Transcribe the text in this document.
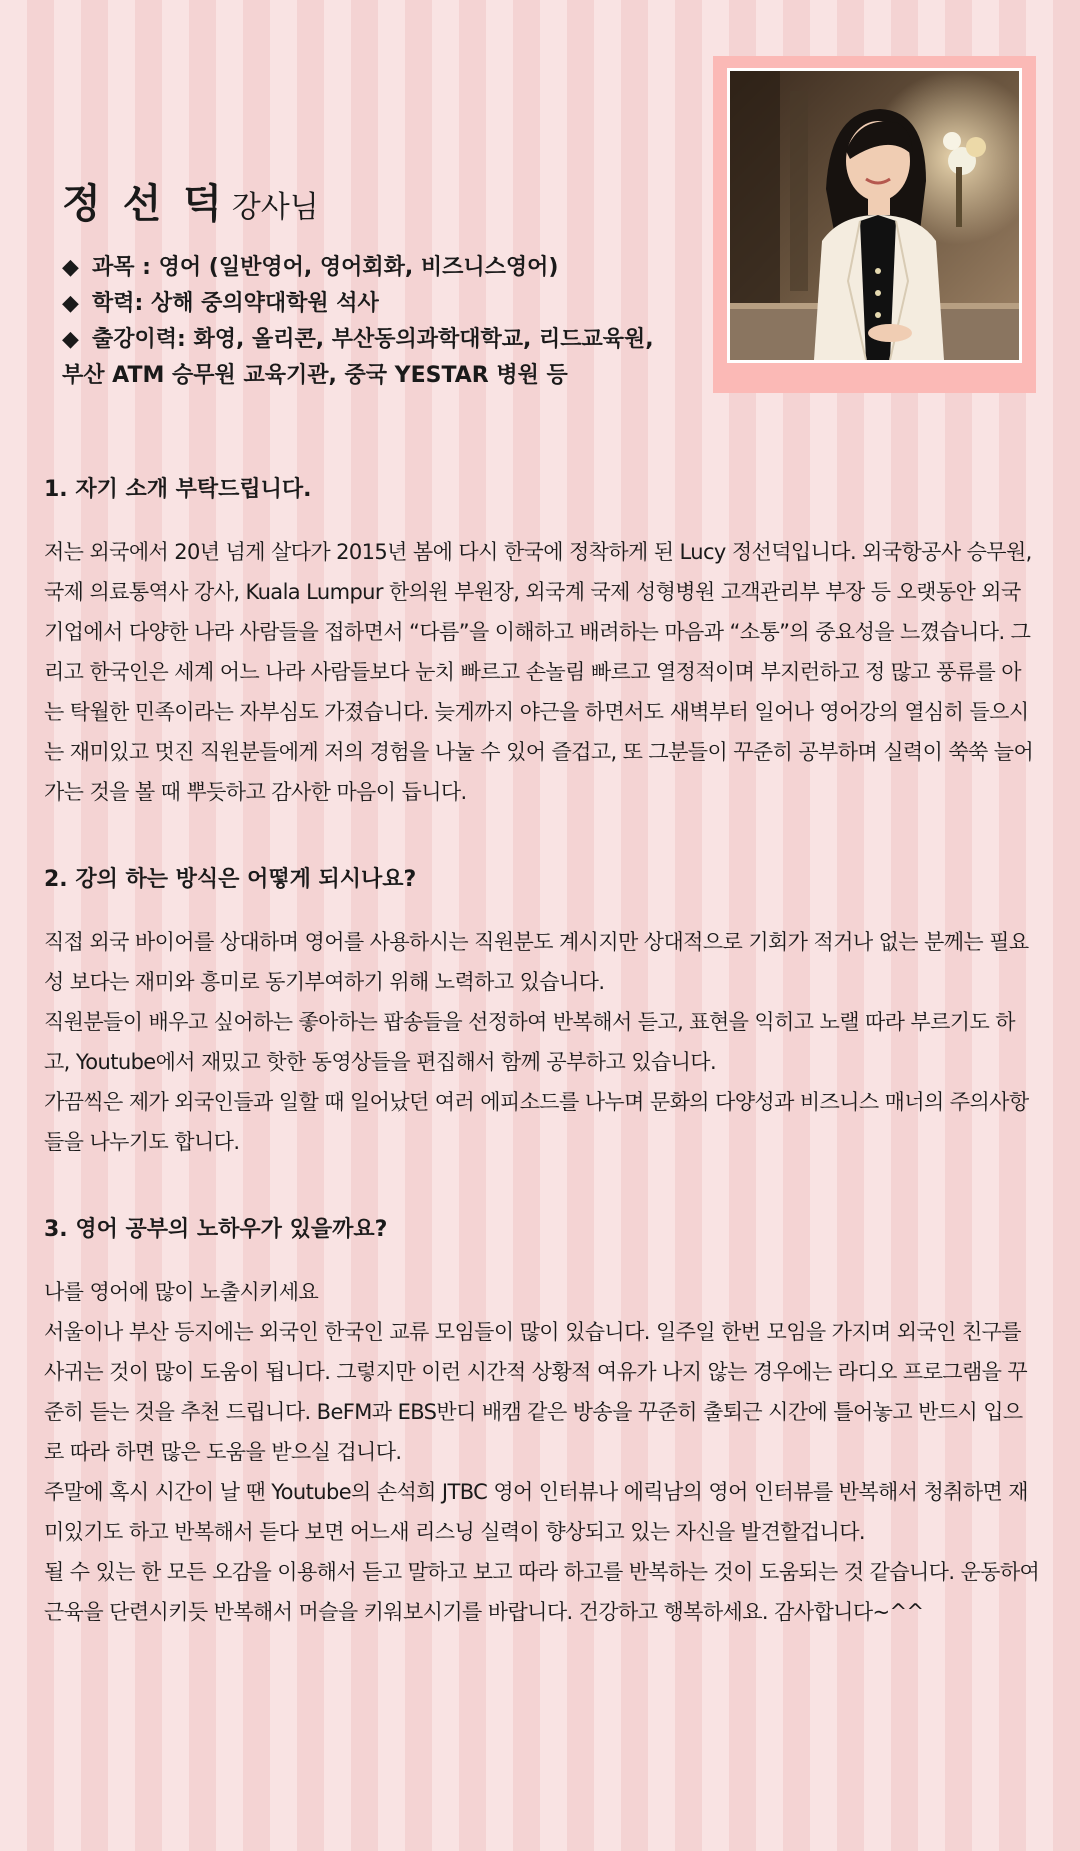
정 선 덕 강사님
◆ 과목 : 영어 (일반영어, 영어회화, 비즈니스영어)
◆ 학력: 상해 중의약대학원 석사
◆ 출강이력: 화영, 올리콘, 부산동의과학대학교, 리드교육원,
부산 ATM 승무원 교육기관, 중국 YESTAR 병원 등

1. 자기 소개 부탁드립니다.

저는 외국에서 20년 넘게 살다가 2015년 봄에 다시 한국에 정착하게 된 Lucy 정선덕입니다. 외국항공사 승무원, 국제 의료통역사 강사, Kuala Lumpur 한의원 부원장, 외국계 국제 성형병원 고객관리부 부장 등 오랫동안 외국기업에서 다양한 나라 사람들을 접하면서 “다름”을 이해하고 배려하는 마음과 “소통”의 중요성을 느꼈습니다. 그리고 한국인은 세계 어느 나라 사람들보다 눈치 빠르고 손놀림 빠르고 열정적이며 부지런하고 정 많고 풍류를 아는 탁월한 민족이라는 자부심도 가졌습니다. 늦게까지 야근을 하면서도 새벽부터 일어나 영어강의 열심히 들으시는 재미있고 멋진 직원분들에게 저의 경험을 나눌 수 있어 즐겁고, 또 그분들이 꾸준히 공부하며 실력이 쑥쑥 늘어가는 것을 볼 때 뿌듯하고 감사한 마음이 듭니다.

2. 강의 하는 방식은 어떻게 되시나요?

직접 외국 바이어를 상대하며 영어를 사용하시는 직원분도 계시지만 상대적으로 기회가 적거나 없는 분께는 필요성 보다는 재미와 흥미로 동기부여하기 위해 노력하고 있습니다.

직원분들이 배우고 싶어하는 좋아하는 팝송들을 선정하여 반복해서 듣고, 표현을 익히고 노랠 따라 부르기도 하고, Youtube에서 재밌고 핫한 동영상들을 편집해서 함께 공부하고 있습니다.

가끔씩은 제가 외국인들과 일할 때 일어났던 여러 에피소드를 나누며 문화의 다양성과 비즈니스 매너의 주의사항들을 나누기도 합니다.

3. 영어 공부의 노하우가 있을까요?

나를 영어에 많이 노출시키세요

서울이나 부산 등지에는 외국인 한국인 교류 모임들이 많이 있습니다. 일주일 한번 모임을 가지며 외국인 친구를 사귀는 것이 많이 도움이 됩니다. 그렇지만 이런 시간적 상황적 여유가 나지 않는 경우에는 라디오 프로그램을 꾸준히 듣는 것을 추천 드립니다. BeFM과 EBS반디 배캠 같은 방송을 꾸준히 출퇴근 시간에 틀어놓고 반드시 입으로 따라 하면 많은 도움을 받으실 겁니다.

주말에 혹시 시간이 날 땐 Youtube의 손석희 JTBC 영어 인터뷰나 에릭남의 영어 인터뷰를 반복해서 청취하면 재미있기도 하고 반복해서 듣다 보면 어느새 리스닝 실력이 향상되고 있는 자신을 발견할겁니다.

될 수 있는 한 모든 오감을 이용해서 듣고 말하고 보고 따라 하고를 반복하는 것이 도움되는 것 같습니다. 운동하여 근육을 단련시키듯 반복해서 머슬을 키워보시기를 바랍니다. 건강하고 행복하세요. 감사합니다~^^
